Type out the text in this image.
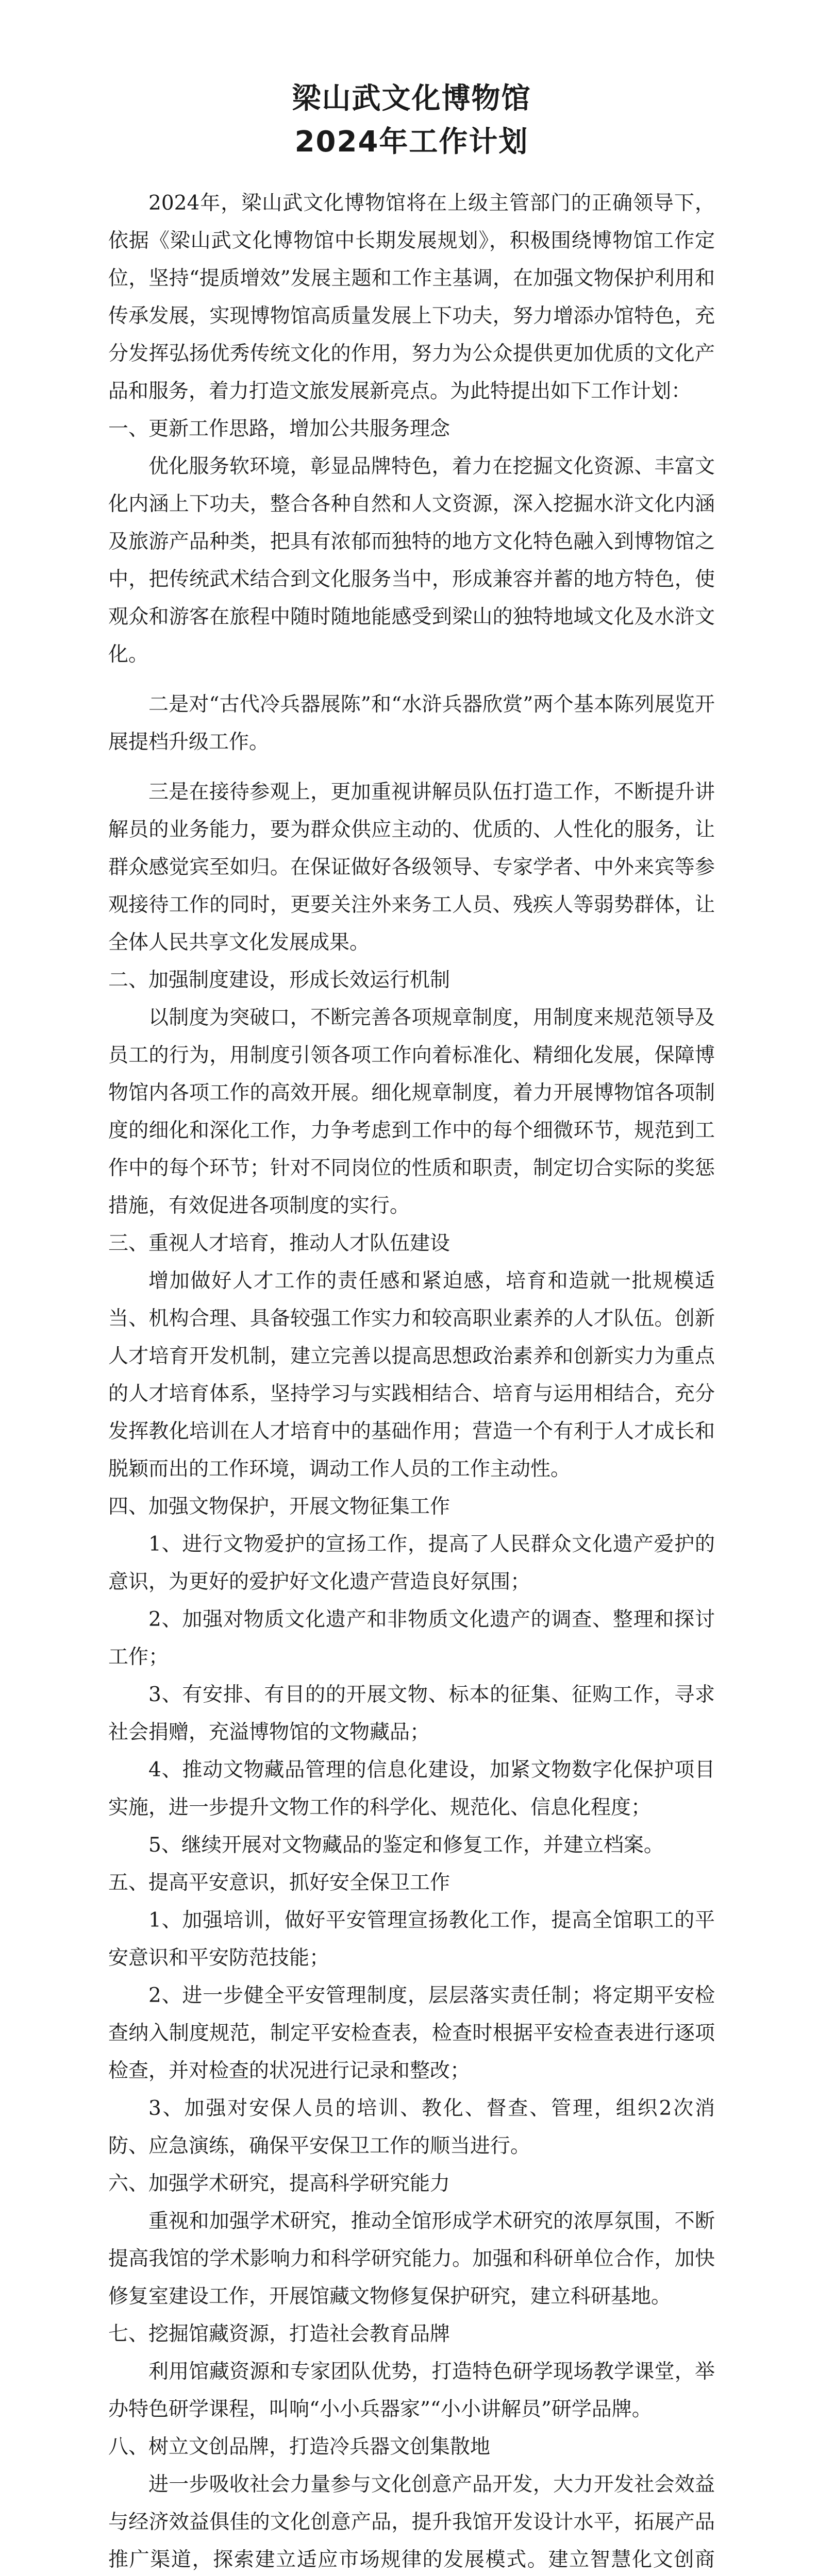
梁山武文化博物馆
2024年工作计划

2024年，梁山武文化博物馆将在上级主管部门的正确领导下，依据《梁山武文化博物馆中长期发展规划》，积极围绕博物馆工作定位，坚持“提质增效”发展主题和工作主基调，在加强文物保护利用和传承发展，实现博物馆高质量发展上下功夫，努力增添办馆特色，充分发挥弘扬优秀传统文化的作用，努力为公众提供更加优质的文化产品和服务，着力打造文旅发展新亮点。为此特提出如下工作计划：

一、更新工作思路，增加公共服务理念

优化服务软环境，彰显品牌特色，着力在挖掘文化资源、丰富文化内涵上下功夫，整合各种自然和人文资源，深入挖掘水浒文化内涵及旅游产品种类，把具有浓郁而独特的地方文化特色融入到博物馆之中，把传统武术结合到文化服务当中，形成兼容并蓄的地方特色，使观众和游客在旅程中随时随地能感受到梁山的独特地域文化及水浒文化。

二是对“古代冷兵器展陈”和“水浒兵器欣赏”两个基本陈列展览开展提档升级工作。

三是在接待参观上，更加重视讲解员队伍打造工作，不断提升讲解员的业务能力，要为群众供应主动的、优质的、人性化的服务，让群众感觉宾至如归。在保证做好各级领导、专家学者、中外来宾等参观接待工作的同时，更要关注外来务工人员、残疾人等弱势群体，让全体人民共享文化发展成果。

二、加强制度建设，形成长效运行机制

以制度为突破口，不断完善各项规章制度，用制度来规范领导及员工的行为，用制度引领各项工作向着标准化、精细化发展，保障博物馆内各项工作的高效开展。细化规章制度，着力开展博物馆各项制度的细化和深化工作，力争考虑到工作中的每个细微环节，规范到工作中的每个环节；针对不同岗位的性质和职责，制定切合实际的奖惩措施，有效促进各项制度的实行。

三、重视人才培育，推动人才队伍建设

增加做好人才工作的责任感和紧迫感，培育和造就一批规模适当、机构合理、具备较强工作实力和较高职业素养的人才队伍。创新人才培育开发机制，建立完善以提高思想政治素养和创新实力为重点的人才培育体系，坚持学习与实践相结合、培育与运用相结合，充分发挥教化培训在人才培育中的基础作用；营造一个有利于人才成长和脱颖而出的工作环境，调动工作人员的工作主动性。

四、加强文物保护，开展文物征集工作

1、进行文物爱护的宣扬工作，提高了人民群众文化遗产爱护的意识，为更好的爱护好文化遗产营造良好氛围；

2、加强对物质文化遗产和非物质文化遗产的调查、整理和探讨工作；

3、有安排、有目的的开展文物、标本的征集、征购工作，寻求社会捐赠，充溢博物馆的文物藏品；

4、推动文物藏品管理的信息化建设，加紧文物数字化保护项目实施，进一步提升文物工作的科学化、规范化、信息化程度；

5、继续开展对文物藏品的鉴定和修复工作，并建立档案。

五、提高平安意识，抓好安全保卫工作

1、加强培训，做好平安管理宣扬教化工作，提高全馆职工的平安意识和平安防范技能；

2、进一步健全平安管理制度，层层落实责任制；将定期平安检查纳入制度规范，制定平安检查表，检查时根据平安检查表进行逐项检查，并对检查的状况进行记录和整改；

3、加强对安保人员的培训、教化、督查、管理，组织2次消防、应急演练，确保平安保卫工作的顺当进行。

六、加强学术研究，提高科学研究能力

重视和加强学术研究，推动全馆形成学术研究的浓厚氛围，不断提高我馆的学术影响力和科学研究能力。加强和科研单位合作，加快修复室建设工作，开展馆藏文物修复保护研究，建立科研基地。

七、挖掘馆藏资源，打造社会教育品牌

利用馆藏资源和专家团队优势，打造特色研学现场教学课堂，举办特色研学课程，叫响“小小兵器家”“小小讲解员”研学品牌。

八、树立文创品牌，打造冷兵器文创集散地

进一步吸收社会力量参与文化创意产品开发，大力开发社会效益与经济效益俱佳的文化创意产品，提升我馆开发设计水平，拓展产品推广渠道，探索建立适应市场规律的发展模式。建立智慧化文创商
